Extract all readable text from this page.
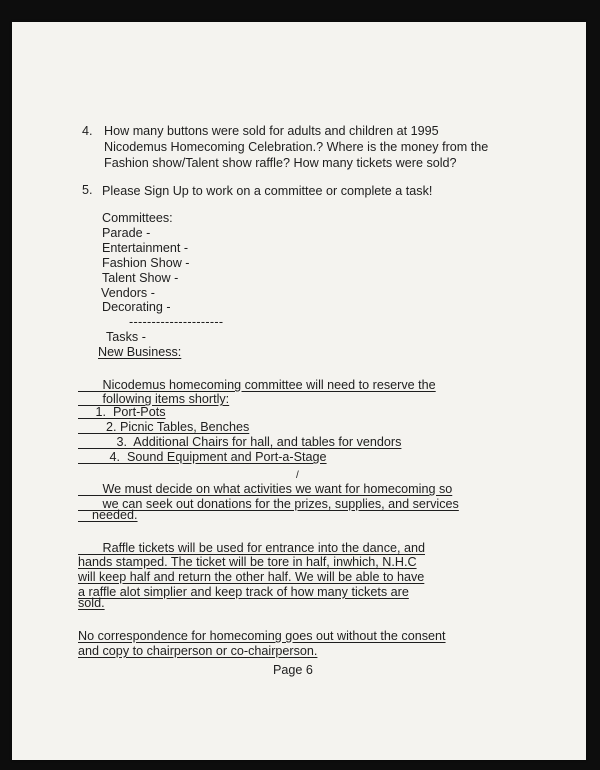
4. How many buttons were sold for adults and children at 1995

Nicodemus Homecoming Celebration.? Where is the money from the

Fashion show/Talent show raffle? How many tickets were sold?

5. Please Sign Up to work on a committee or complete a task!

Committees:

Parade -

Entertainment -

Fashion Show -

Talent Show -

Vendors -

Decorating -

---------------------

Tasks -

New Business:

Nicodemus homecoming committee will need to reserve the

following items shortly:

1.  Port-Pots

2. Picnic Tables, Benches

3.  Additional Chairs for hall, and tables for vendors

4.  Sound Equipment and Port-a-Stage

/

We must decide on what activities we want for homecoming so

we can seek out donations for the prizes, supplies, and services

needed.

Raffle tickets will be used for entrance into the dance, and

hands stamped. The ticket will be tore in half, inwhich, N.H.C

will keep half and return the other half. We will be able to have

a raffle alot simplier and keep track of how many tickets are

sold.

No correspondence for homecoming goes out without the consent

and copy to chairperson or co-chairperson.

Page 6
